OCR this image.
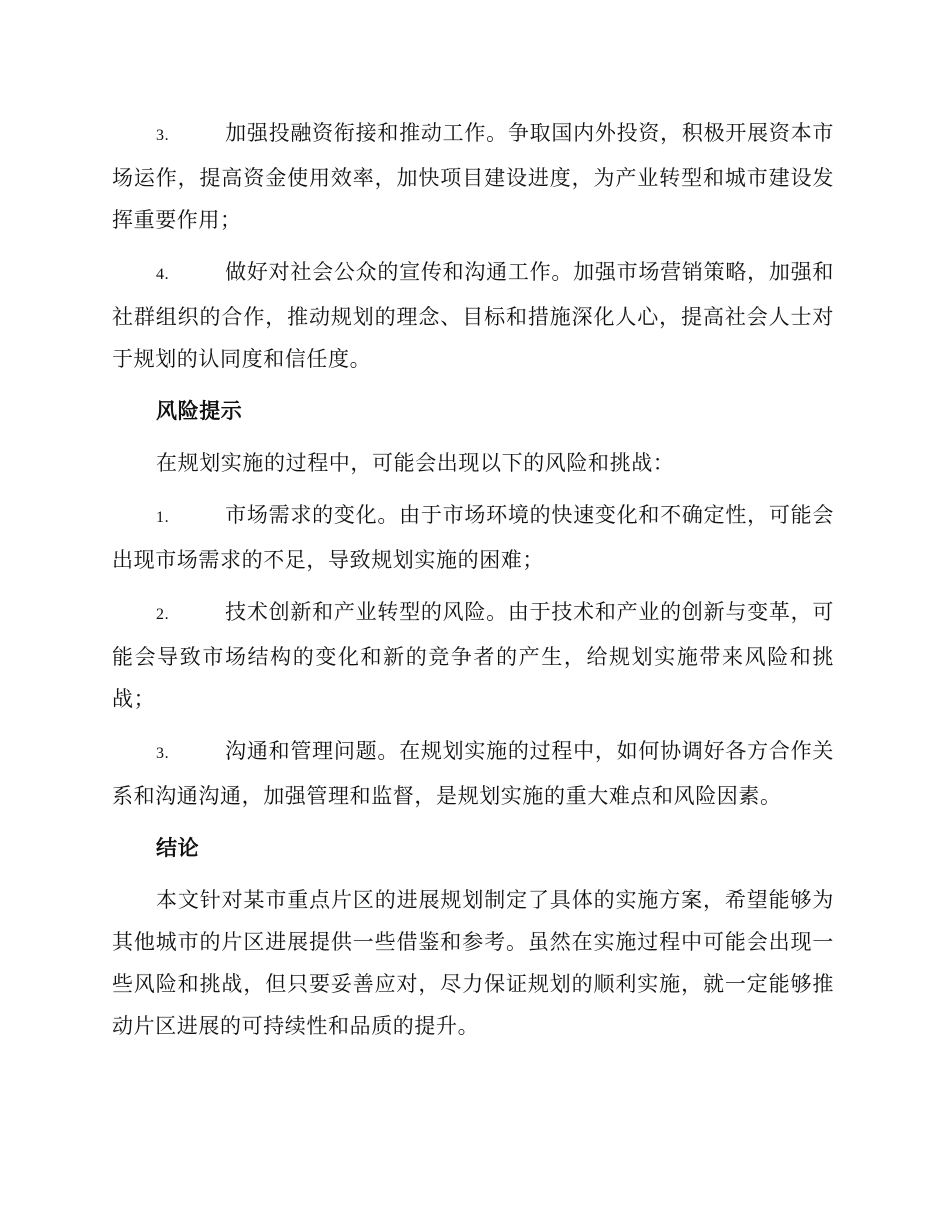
3.	加强投融资衔接和推动工作。争取国内外投资，积极开展资本市场运作，提高资金使用效率，加快项目建设进度，为产业转型和城市建设发挥重要作用；

4.	做好对社会公众的宣传和沟通工作。加强市场营销策略，加强和社群组织的合作，推动规划的理念、目标和措施深化人心，提高社会人士对于规划的认同度和信任度。

风险提示

在规划实施的过程中，可能会出现以下的风险和挑战：

1.	市场需求的变化。由于市场环境的快速变化和不确定性，可能会出现市场需求的不足，导致规划实施的困难；

2.	技术创新和产业转型的风险。由于技术和产业的创新与变革，可能会导致市场结构的变化和新的竞争者的产生，给规划实施带来风险和挑战；

3.	沟通和管理问题。在规划实施的过程中，如何协调好各方合作关系和沟通沟通，加强管理和监督，是规划实施的重大难点和风险因素。

结论

本文针对某市重点片区的进展规划制定了具体的实施方案，希望能够为其他城市的片区进展提供一些借鉴和参考。虽然在实施过程中可能会出现一些风险和挑战，但只要妥善应对，尽力保证规划的顺利实施，就一定能够推动片区进展的可持续性和品质的提升。
